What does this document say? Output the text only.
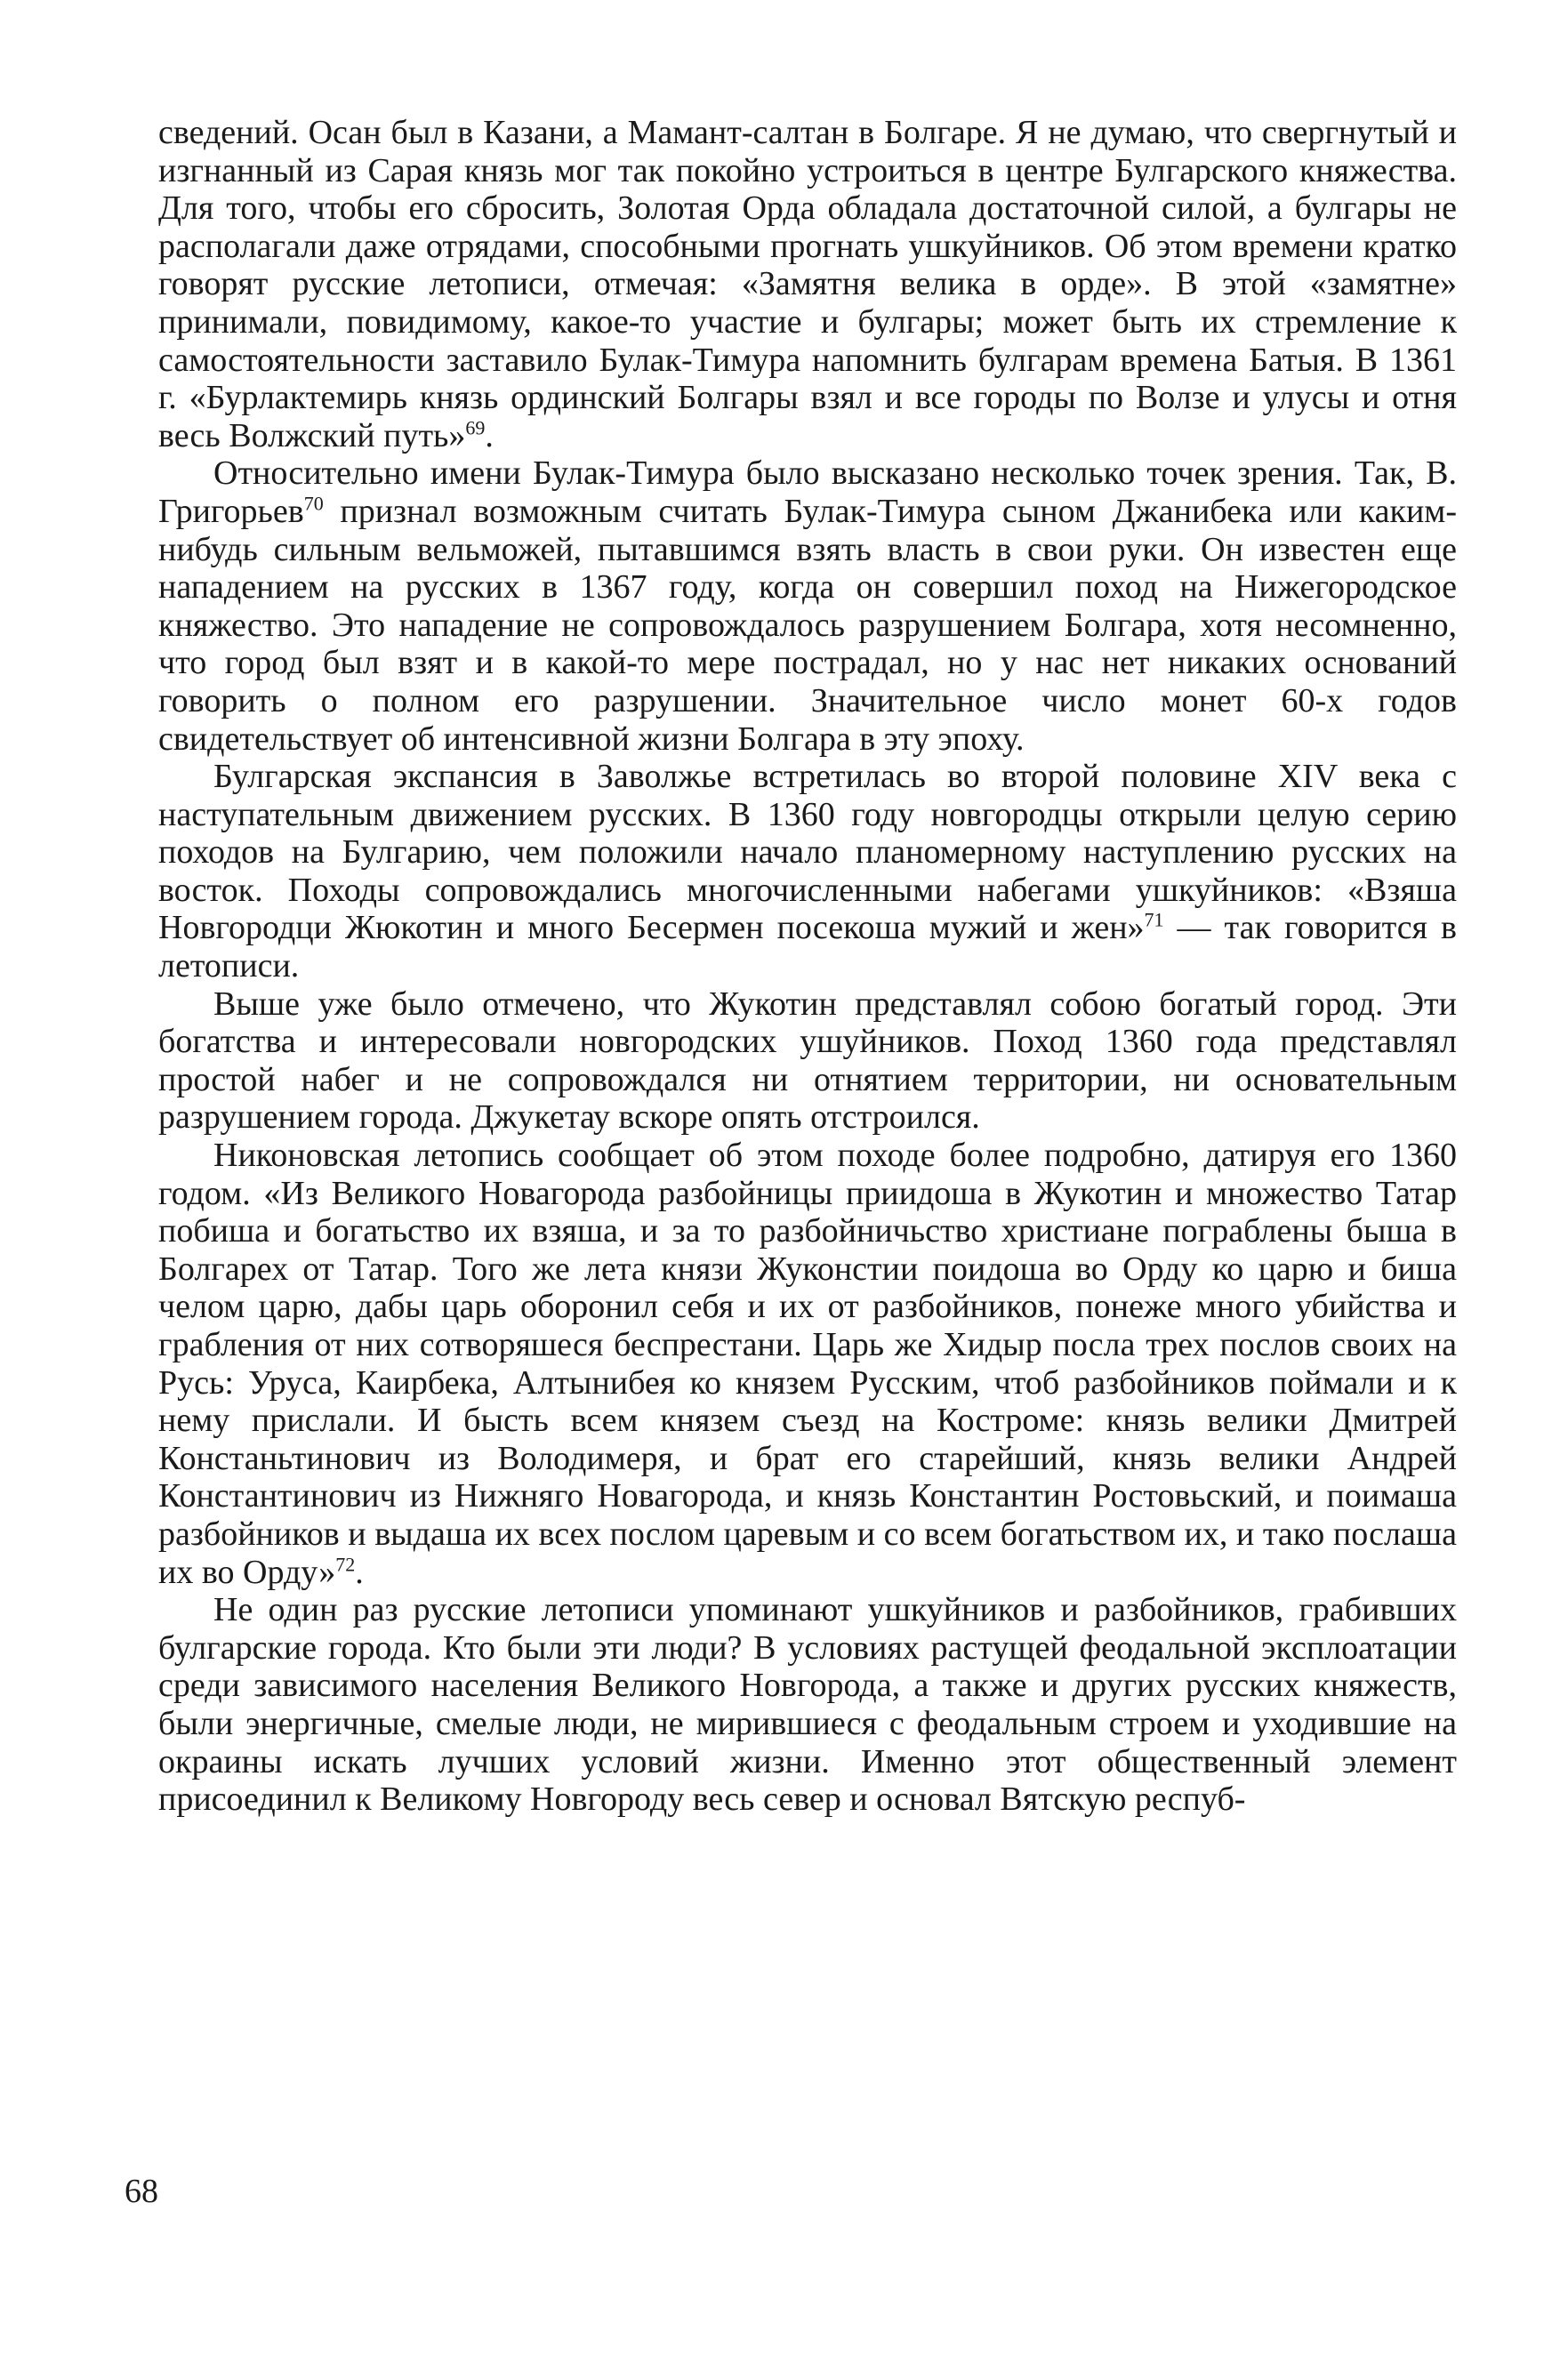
сведений. Осан был в Казани, а Мамант-салтан в Болгаре. Я не думаю, что свергнутый и изгнанный из Сарая князь мог так покойно устроиться в центре Булгарского княжества. Для того, чтобы его сбросить, Золотая Орда обладала достаточной силой, а булгары не располагали даже отрядами, способными прогнать ушкуйников. Об этом времени кратко говорят русские летописи, отмечая: «Замятня велика в орде». В этой «замятне» принимали, повидимому, какое-то участие и булгары; может быть их стремление к самостоятельности заставило Булак-Тимура напомнить булгарам времена Батыя. В 1361 г. «Бурлактемирь князь ординский Болгары взял и все городы по Волзе и улусы и отня весь Волжский путь»$^{69}$.

Относительно имени Булак-Тимура было высказано несколько точек зрения. Так, В. Григорьев$^{70}$ признал возможным считать Булак-Тимура сыном Джанибека или каким-нибудь сильным вельможей, пытавшимся взять власть в свои руки. Он известен еще нападением на русских в 1367 году, когда он совершил поход на Нижегородское княжество. Это нападение не сопровождалось разрушением Болгара, хотя несомненно, что город был взят и в какой-то мере пострадал, но у нас нет никаких оснований говорить о полном его разрушении. Значительное число монет 60-х годов свидетельствует об интенсивной жизни Болгара в эту эпоху.

Булгарская экспансия в Заволжье встретилась во второй половине XIV века с наступательным движением русских. В 1360 году новгородцы открыли целую серию походов на Булгарию, чем положили начало планомерному наступлению русских на восток. Походы сопровождались многочисленными набегами ушкуйников: «Взяша Новгородци Жюкотин и много Бесермен посекоша мужий и жен»$^{71}$ — так говорится в летописи.

Выше уже было отмечено, что Жукотин представлял собою богатый город. Эти богатства и интересовали новгородских ушуйников. Поход 1360 года представлял простой набег и не сопровождался ни отнятием территории, ни основательным разрушением города. Джукетау вскоре опять отстроился.

Никоновская летопись сообщает об этом походе более подробно, датируя его 1360 годом. «Из Великого Новагорода разбойницы приидоша в Жукотин и множество Татар побиша и богатьство их взяша, и за то разбойничьство христиане пограблены быша в Болгарех от Татар. Того же лета князи Жуконстии поидоша во Орду ко царю и биша челом царю, дабы царь оборонил себя и их от разбойников, понеже много убийства и грабления от них сотворяшеся беспрестани. Царь же Хидыр посла трех послов своих на Русь: Уруса, Каирбека, Алтынибея ко князем Русским, чтоб разбойников поймали и к нему прислали. И бысть всем князем съезд на Костроме: князь велики Дмитрей Констаньтинович из Володимеря, и брат его старейший, князь велики Андрей Константинович из Нижняго Новагорода, и князь Константин Ростовьский, и поимаша разбойников и выдаша их всех послом царевым и со всем богатьством их, и тако послаша их во Орду»$^{72}$.

Не один раз русские летописи упоминают ушкуйников и разбойников, грабивших булгарские города. Кто были эти люди? В условиях растущей феодальной эксплоатации среди зависимого населения Великого Новгорода, а также и других русских княжеств, были энергичные, смелые люди, не мирившиеся с феодальным строем и уходившие на окраины искать лучших условий жизни. Именно этот общественный элемент присоединил к Великому Новгороду весь север и основал Вятскую респуб-

68
